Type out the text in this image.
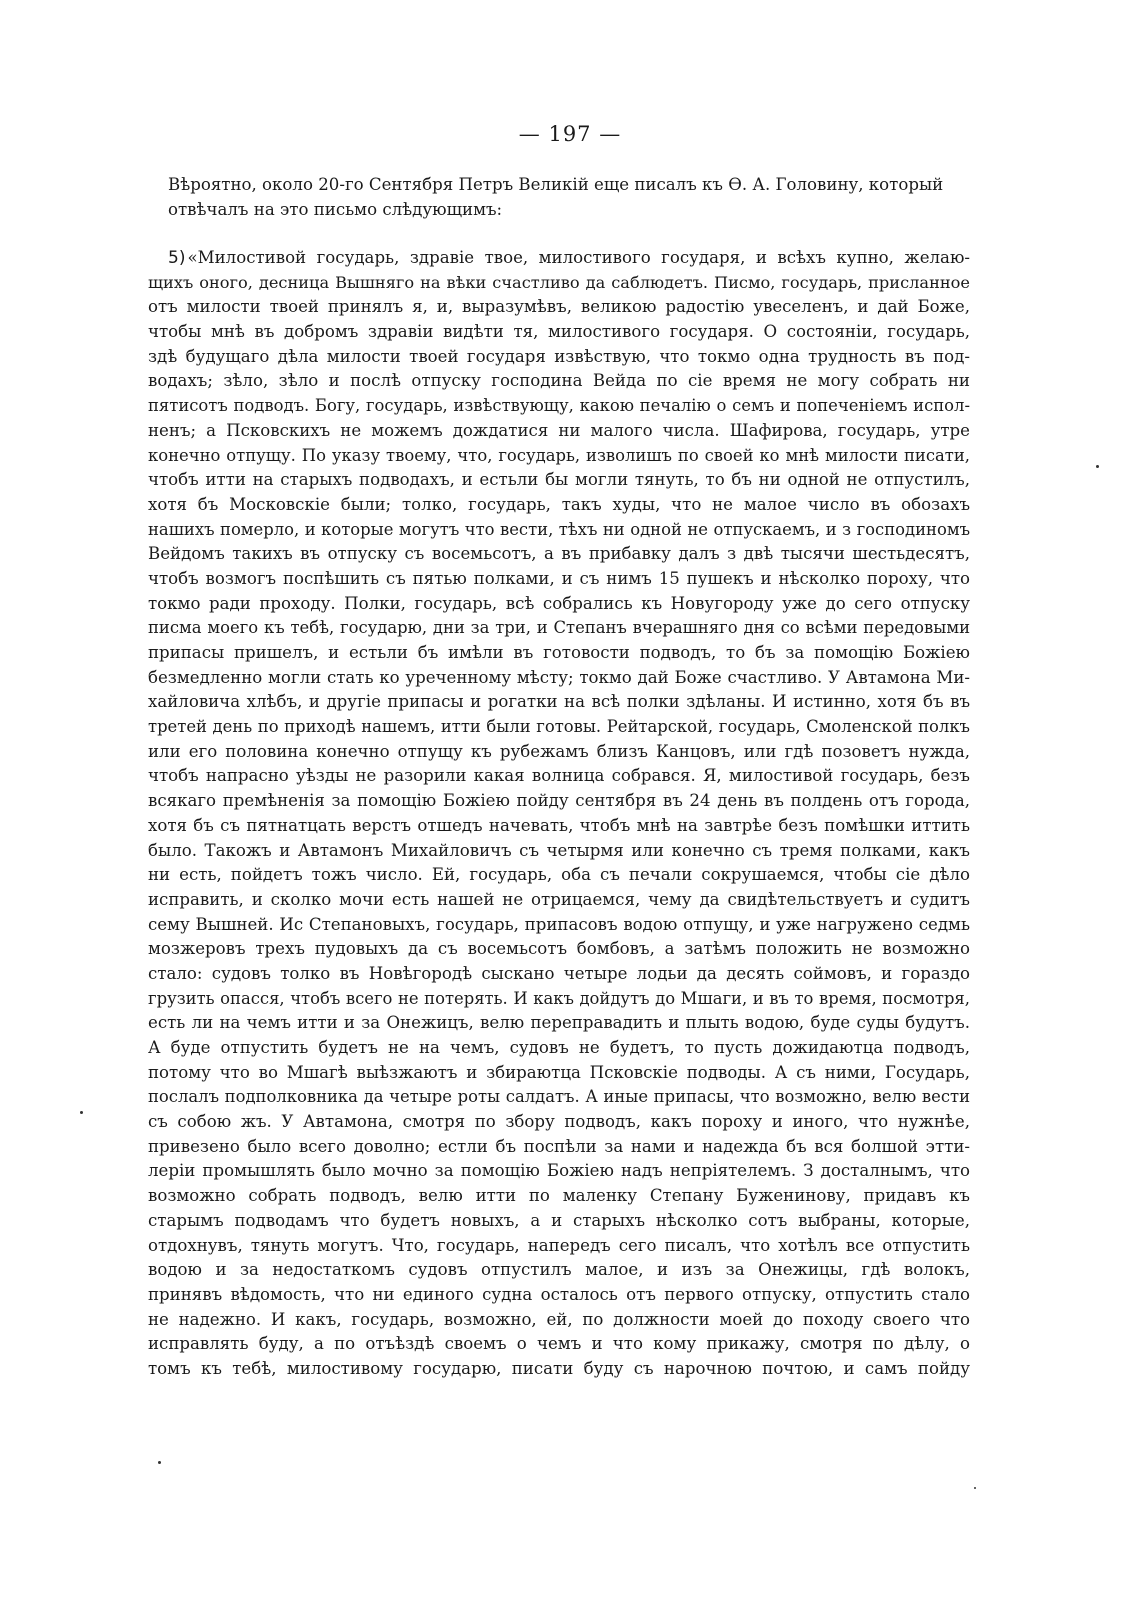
— 197 —
Вѣроятно, около 20-го Сентября Петръ Великій еще писалъ къ Ѳ. А. Головину, который
отвѣчалъ на это письмо слѣдующимъ:
5) «Милостивой государь, здравіе твое, милостивого государя, и всѣхъ купно, желаю-
щихъ оного, десница Вышняго на вѣки счастливо да саблюдетъ. Писмо, государь, присланное
отъ милости твоей принялъ я, и, выразумѣвъ, великою радостію увеселенъ, и дай Боже,
чтобы мнѣ въ добромъ здравіи видѣти тя, милостивого государя. О состояніи, государь,
здѣ будущаго дѣла милости твоей государя извѣствую, что токмо одна трудность въ под-
водахъ; зѣло, зѣло и послѣ отпуску господина Вейда по сіе время не могу собрать ни
пятисотъ подводъ. Богу, государь, извѣствующу, какою печалію о семъ и попеченіемъ испол-
ненъ; а Псковскихъ не можемъ дождатися ни малого числа. Шафирова, государь, утре
конечно отпущу. По указу твоему, что, государь, изволишъ по своей ко мнѣ милости писати,
чтобъ итти на старыхъ подводахъ, и естьли бы могли тянуть, то бъ ни одной не отпустилъ,
хотя бъ Московскіе были; толко, государь, такъ худы, что не малое число въ обозахъ
нашихъ померло, и которые могутъ что вести, тѣхъ ни одной не отпускаемъ, и з господиномъ
Вейдомъ такихъ въ отпуску съ восемьсотъ, а въ прибавку далъ з двѣ тысячи шестьдесятъ,
чтобъ возмогъ поспѣшить съ пятью полками, и съ нимъ 15 пушекъ и нѣсколко пороху, что
токмо ради проходу. Полки, государь, всѣ собрались къ Новугороду уже до сего отпуску
писма моего къ тебѣ, государю, дни за три, и Степанъ вчерашняго дня со всѣми передовыми
припасы пришелъ, и естьли бъ имѣли въ готовости подводъ, то бъ за помощію Божіею
безмедленно могли стать ко уреченному мѣсту; токмо дай Боже счастливо. У Автамона Ми-
хайловича хлѣбъ, и другіе припасы и рогатки на всѣ полки здѣланы. И истинно, хотя бъ въ
третей день по приходѣ нашемъ, итти были готовы. Рейтарской, государь, Смоленской полкъ
или его половина конечно отпущу къ рубежамъ близъ Канцовъ, или гдѣ позоветъ нужда,
чтобъ напрасно уѣзды не разорили какая волница собрався. Я, милостивой государь, безъ
всякаго премѣненія за помощію Божіею пойду сентября въ 24 день въ полдень отъ города,
хотя бъ съ пятнатцать верстъ отшедъ начевать, чтобъ мнѣ на завтрѣе безъ помѣшки иттить
было. Такожъ и Автамонъ Михайловичъ съ четырмя или конечно съ тремя полками, какъ
ни есть, пойдетъ тожъ число. Ей, государь, оба съ печали сокрушаемся, чтобы сіе дѣло
исправить, и сколко мочи есть нашей не отрицаемся, чему да свидѣтельствуетъ и судитъ
сему Вышней. Ис Степановыхъ, государь, припасовъ водою отпущу, и уже нагружено седмь
мозжеровъ трехъ пудовыхъ да съ восемьсотъ бомбовъ, а затѣмъ положить не возможно
стало: судовъ толко въ Новѣгородѣ сыскано четыре лодьи да десять соймовъ, и гораздо
грузить опасся, чтобъ всего не потерять. И какъ дойдутъ до Мшаги, и въ то время, посмотря,
есть ли на чемъ итти и за Онежицъ, велю переправадить и плыть водою, буде суды будутъ.
А буде отпустить будетъ не на чемъ, судовъ не будетъ, то пусть дожидаютца подводъ,
потому что во Мшагѣ выѣзжаютъ и збираютца Псковскіе подводы. А съ ними, Государь,
послалъ подполковника да четыре роты салдатъ. А иные припасы, что возможно, велю вести
съ собою жъ. У Автамона, смотря по збору подводъ, какъ пороху и иного, что нужнѣе,
привезено было всего доволно; естли бъ поспѣли за нами и надежда бъ вся болшой этти-
леріи промышлять было мочно за помощію Божіею надъ непріятелемъ. З досталнымъ, что
возможно собрать подводъ, велю итти по маленку Степану Буженинову, придавъ къ
старымъ подводамъ что будетъ новыхъ, а и старыхъ нѣсколко сотъ выбраны, которые,
отдохнувъ, тянуть могутъ. Что, государь, напередъ сего писалъ, что хотѣлъ все отпустить
водою и за недостаткомъ судовъ отпустилъ малое, и изъ за Онежицы, гдѣ волокъ,
принявъ вѣдомость, что ни единого судна осталось отъ первого отпуску, отпустить стало
не надежно. И какъ, государь, возможно, ей, по должности моей до походу своего что
исправлять буду, а по отъѣздѣ своемъ о чемъ и что кому прикажу, смотря по дѣлу, о
томъ къ тебѣ, милостивому государю, писати буду съ нарочною почтою, и самъ пойду
